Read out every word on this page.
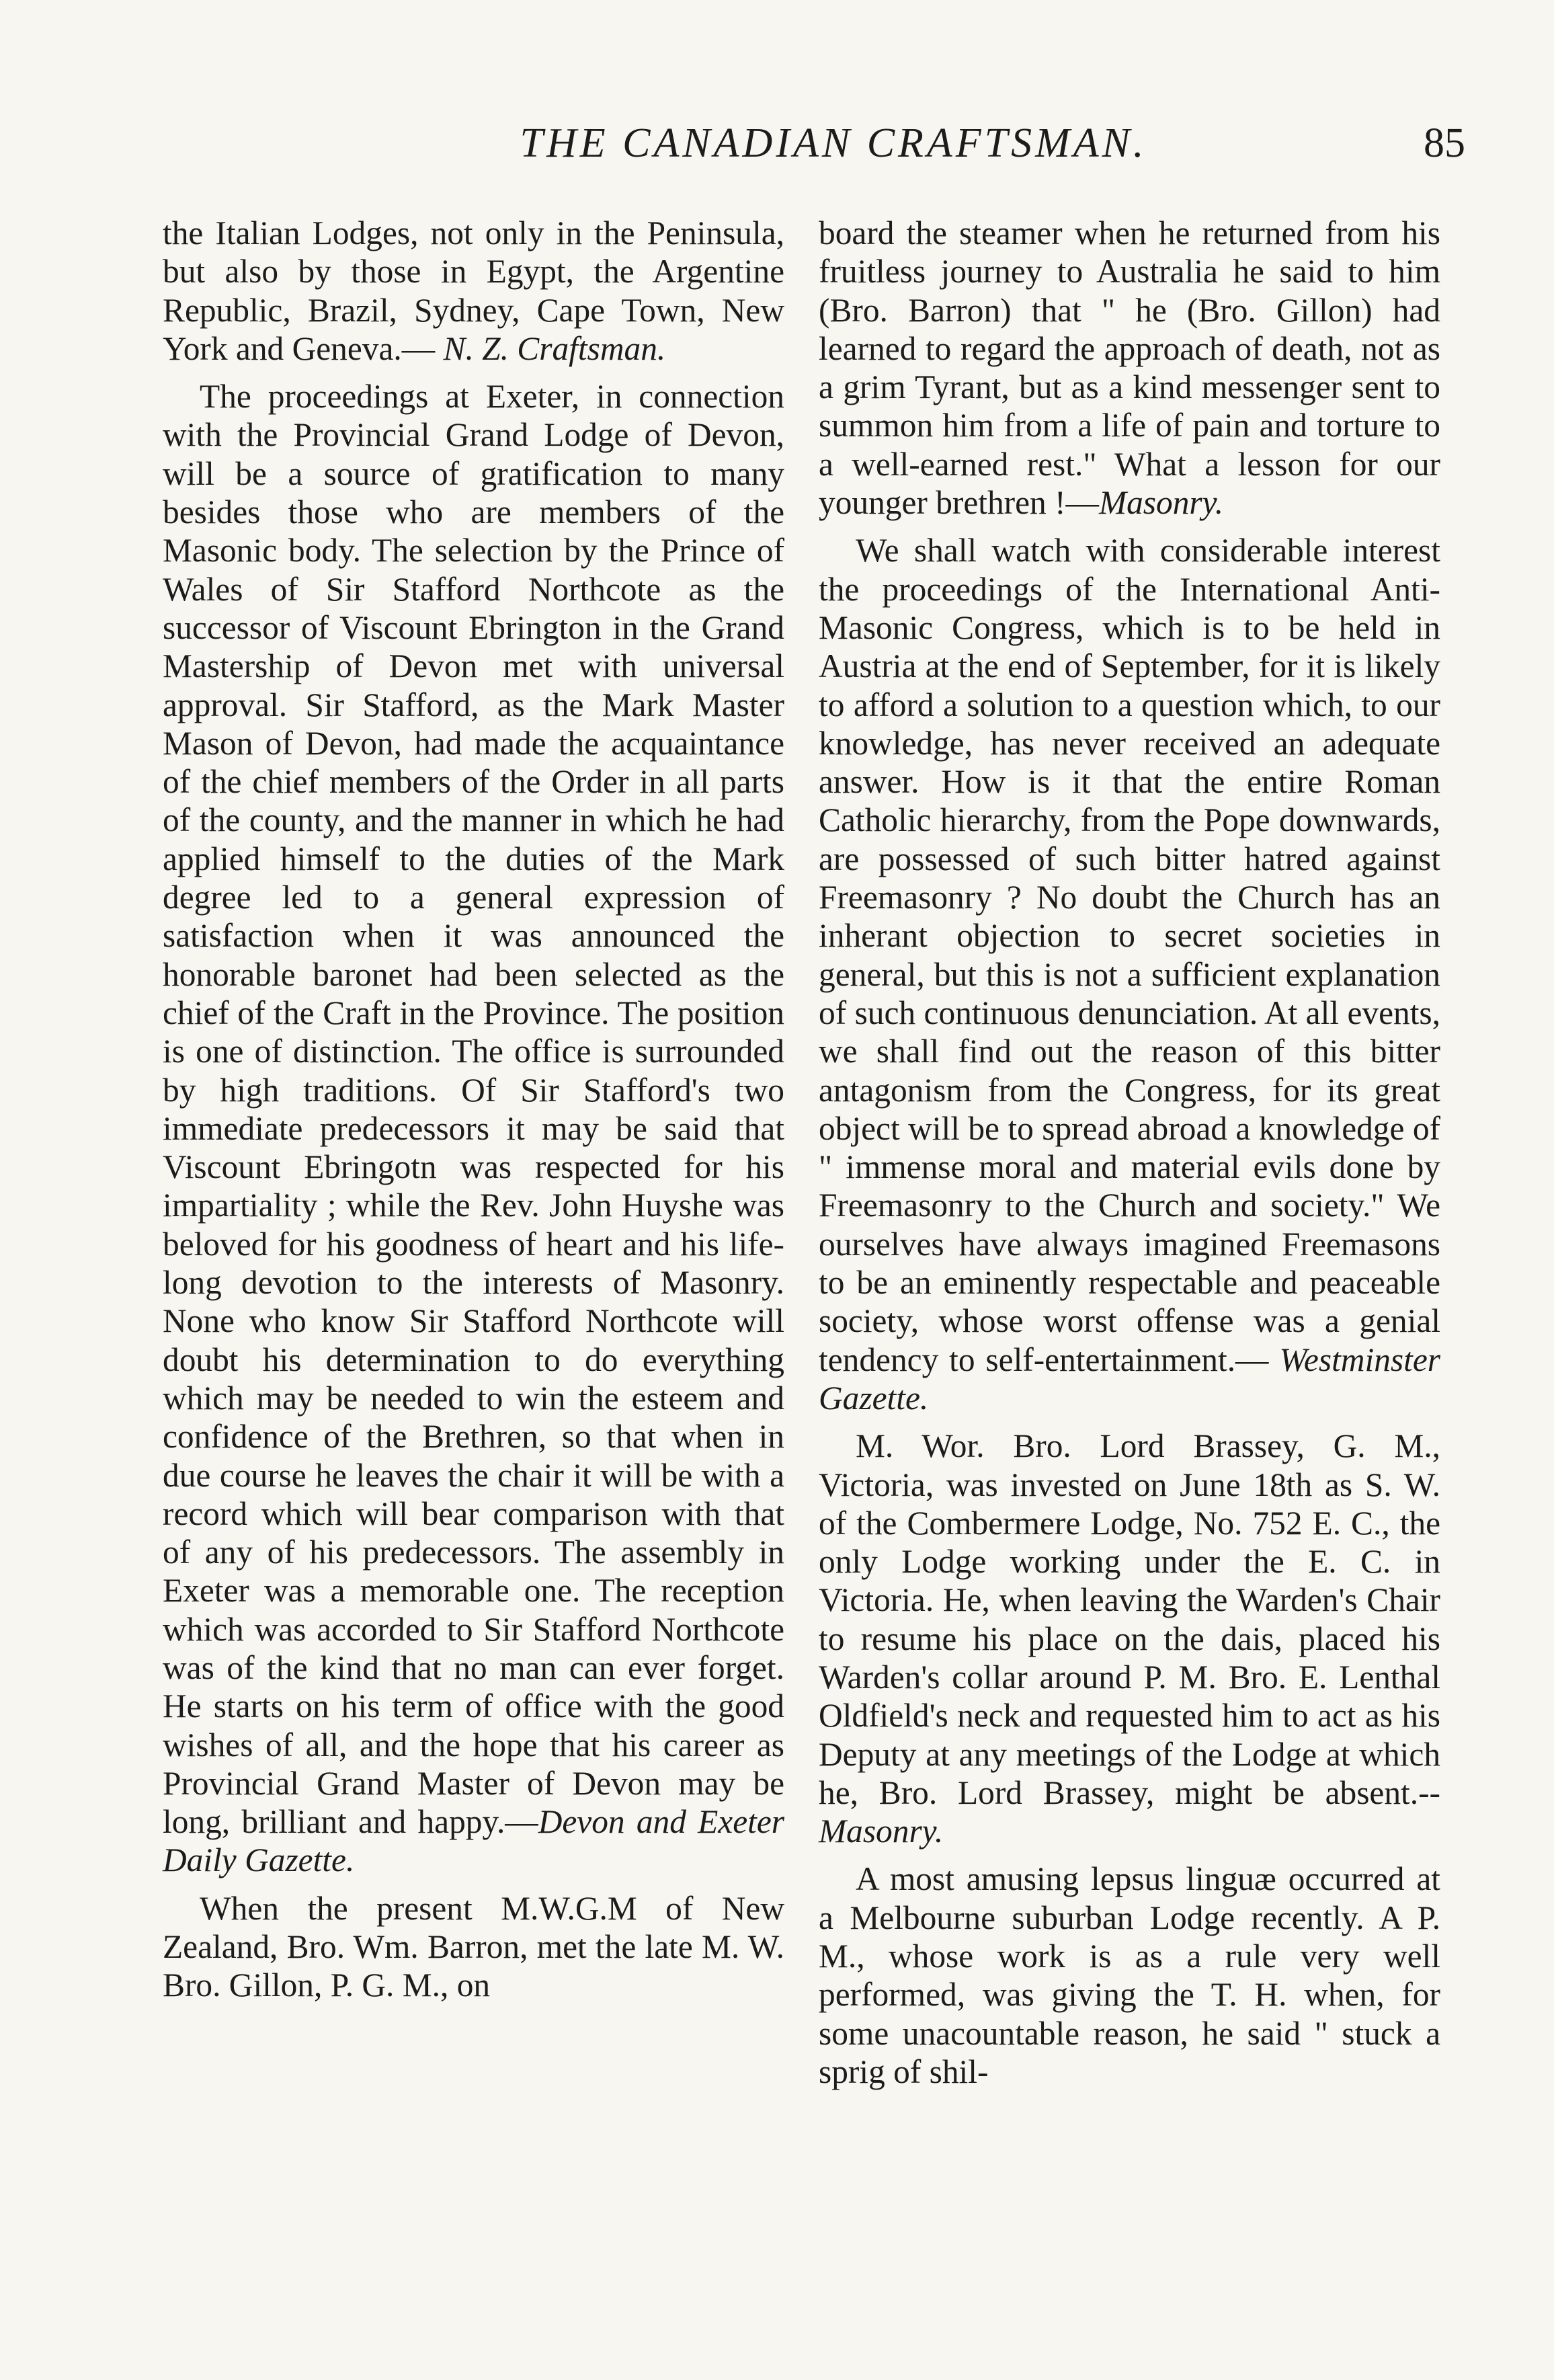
THE CANADIAN CRAFTSMAN.	85

the Italian Lodges, not only in the Peninsula, but also by those in Egypt, the Argentine Republic, Brazil, Sydney, Cape Town, New York and Geneva.— N. Z. Craftsman.

The proceedings at Exeter, in connection with the Provincial Grand Lodge of Devon, will be a source of gratification to many besides those who are members of the Masonic body. The selection by the Prince of Wales of Sir Stafford Northcote as the successor of Viscount Ebrington in the Grand Mastership of Devon met with universal approval. Sir Stafford, as the Mark Master Mason of Devon, had made the acquaintance of the chief members of the Order in all parts of the county, and the manner in which he had applied himself to the duties of the Mark degree led to a general expression of satisfaction when it was announced the honorable baronet had been selected as the chief of the Craft in the Province. The position is one of distinction. The office is surrounded by high traditions. Of Sir Stafford's two immediate predecessors it may be said that Viscount Ebringotn was respected for his impartiality ; while the Rev. John Huyshe was beloved for his goodness of heart and his life-long devotion to the interests of Masonry. None who know Sir Stafford Northcote will doubt his determination to do everything which may be needed to win the esteem and confidence of the Brethren, so that when in due course he leaves the chair it will be with a record which will bear comparison with that of any of his predecessors. The assembly in Exeter was a memorable one. The reception which was accorded to Sir Stafford Northcote was of the kind that no man can ever forget. He starts on his term of office with the good wishes of all, and the hope that his career as Provincial Grand Master of Devon may be long, brilliant and happy.—Devon and Exeter Daily Gazette.

When the present M.W.G.M of New Zealand, Bro. Wm. Barron, met the late M. W. Bro. Gillon, P. G. M., on

board the steamer when he returned from his fruitless journey to Australia he said to him (Bro. Barron) that " he (Bro. Gillon) had learned to regard the approach of death, not as a grim Tyrant, but as a kind messenger sent to summon him from a life of pain and torture to a well-earned rest." What a lesson for our younger brethren !—Masonry.

We shall watch with considerable interest the proceedings of the International Anti-Masonic Congress, which is to be held in Austria at the end of September, for it is likely to afford a solution to a question which, to our knowledge, has never received an adequate answer. How is it that the entire Roman Catholic hierarchy, from the Pope downwards, are possessed of such bitter hatred against Freemasonry ? No doubt the Church has an inherant objection to secret societies in general, but this is not a sufficient explanation of such continuous denunciation. At all events, we shall find out the reason of this bitter antagonism from the Congress, for its great object will be to spread abroad a knowledge of " immense moral and material evils done by Freemasonry to the Church and society." We ourselves have always imagined Freemasons to be an eminently respectable and peaceable society, whose worst offense was a genial tendency to self-entertainment.— Westminster Gazette.

M. Wor. Bro. Lord Brassey, G. M., Victoria, was invested on June 18th as S. W. of the Combermere Lodge, No. 752 E. C., the only Lodge working under the E. C. in Victoria. He, when leaving the Warden's Chair to resume his place on the dais, placed his Warden's collar around P. M. Bro. E. Lenthal Oldfield's neck and requested him to act as his Deputy at any meetings of the Lodge at which he, Bro. Lord Brassey, might be absent.--Masonry.

A most amusing lepsus linguæ occurred at a Melbourne suburban Lodge recently. A P. M., whose work is as a rule very well performed, was giving the T. H. when, for some unacountable reason, he said " stuck a sprig of shil-
